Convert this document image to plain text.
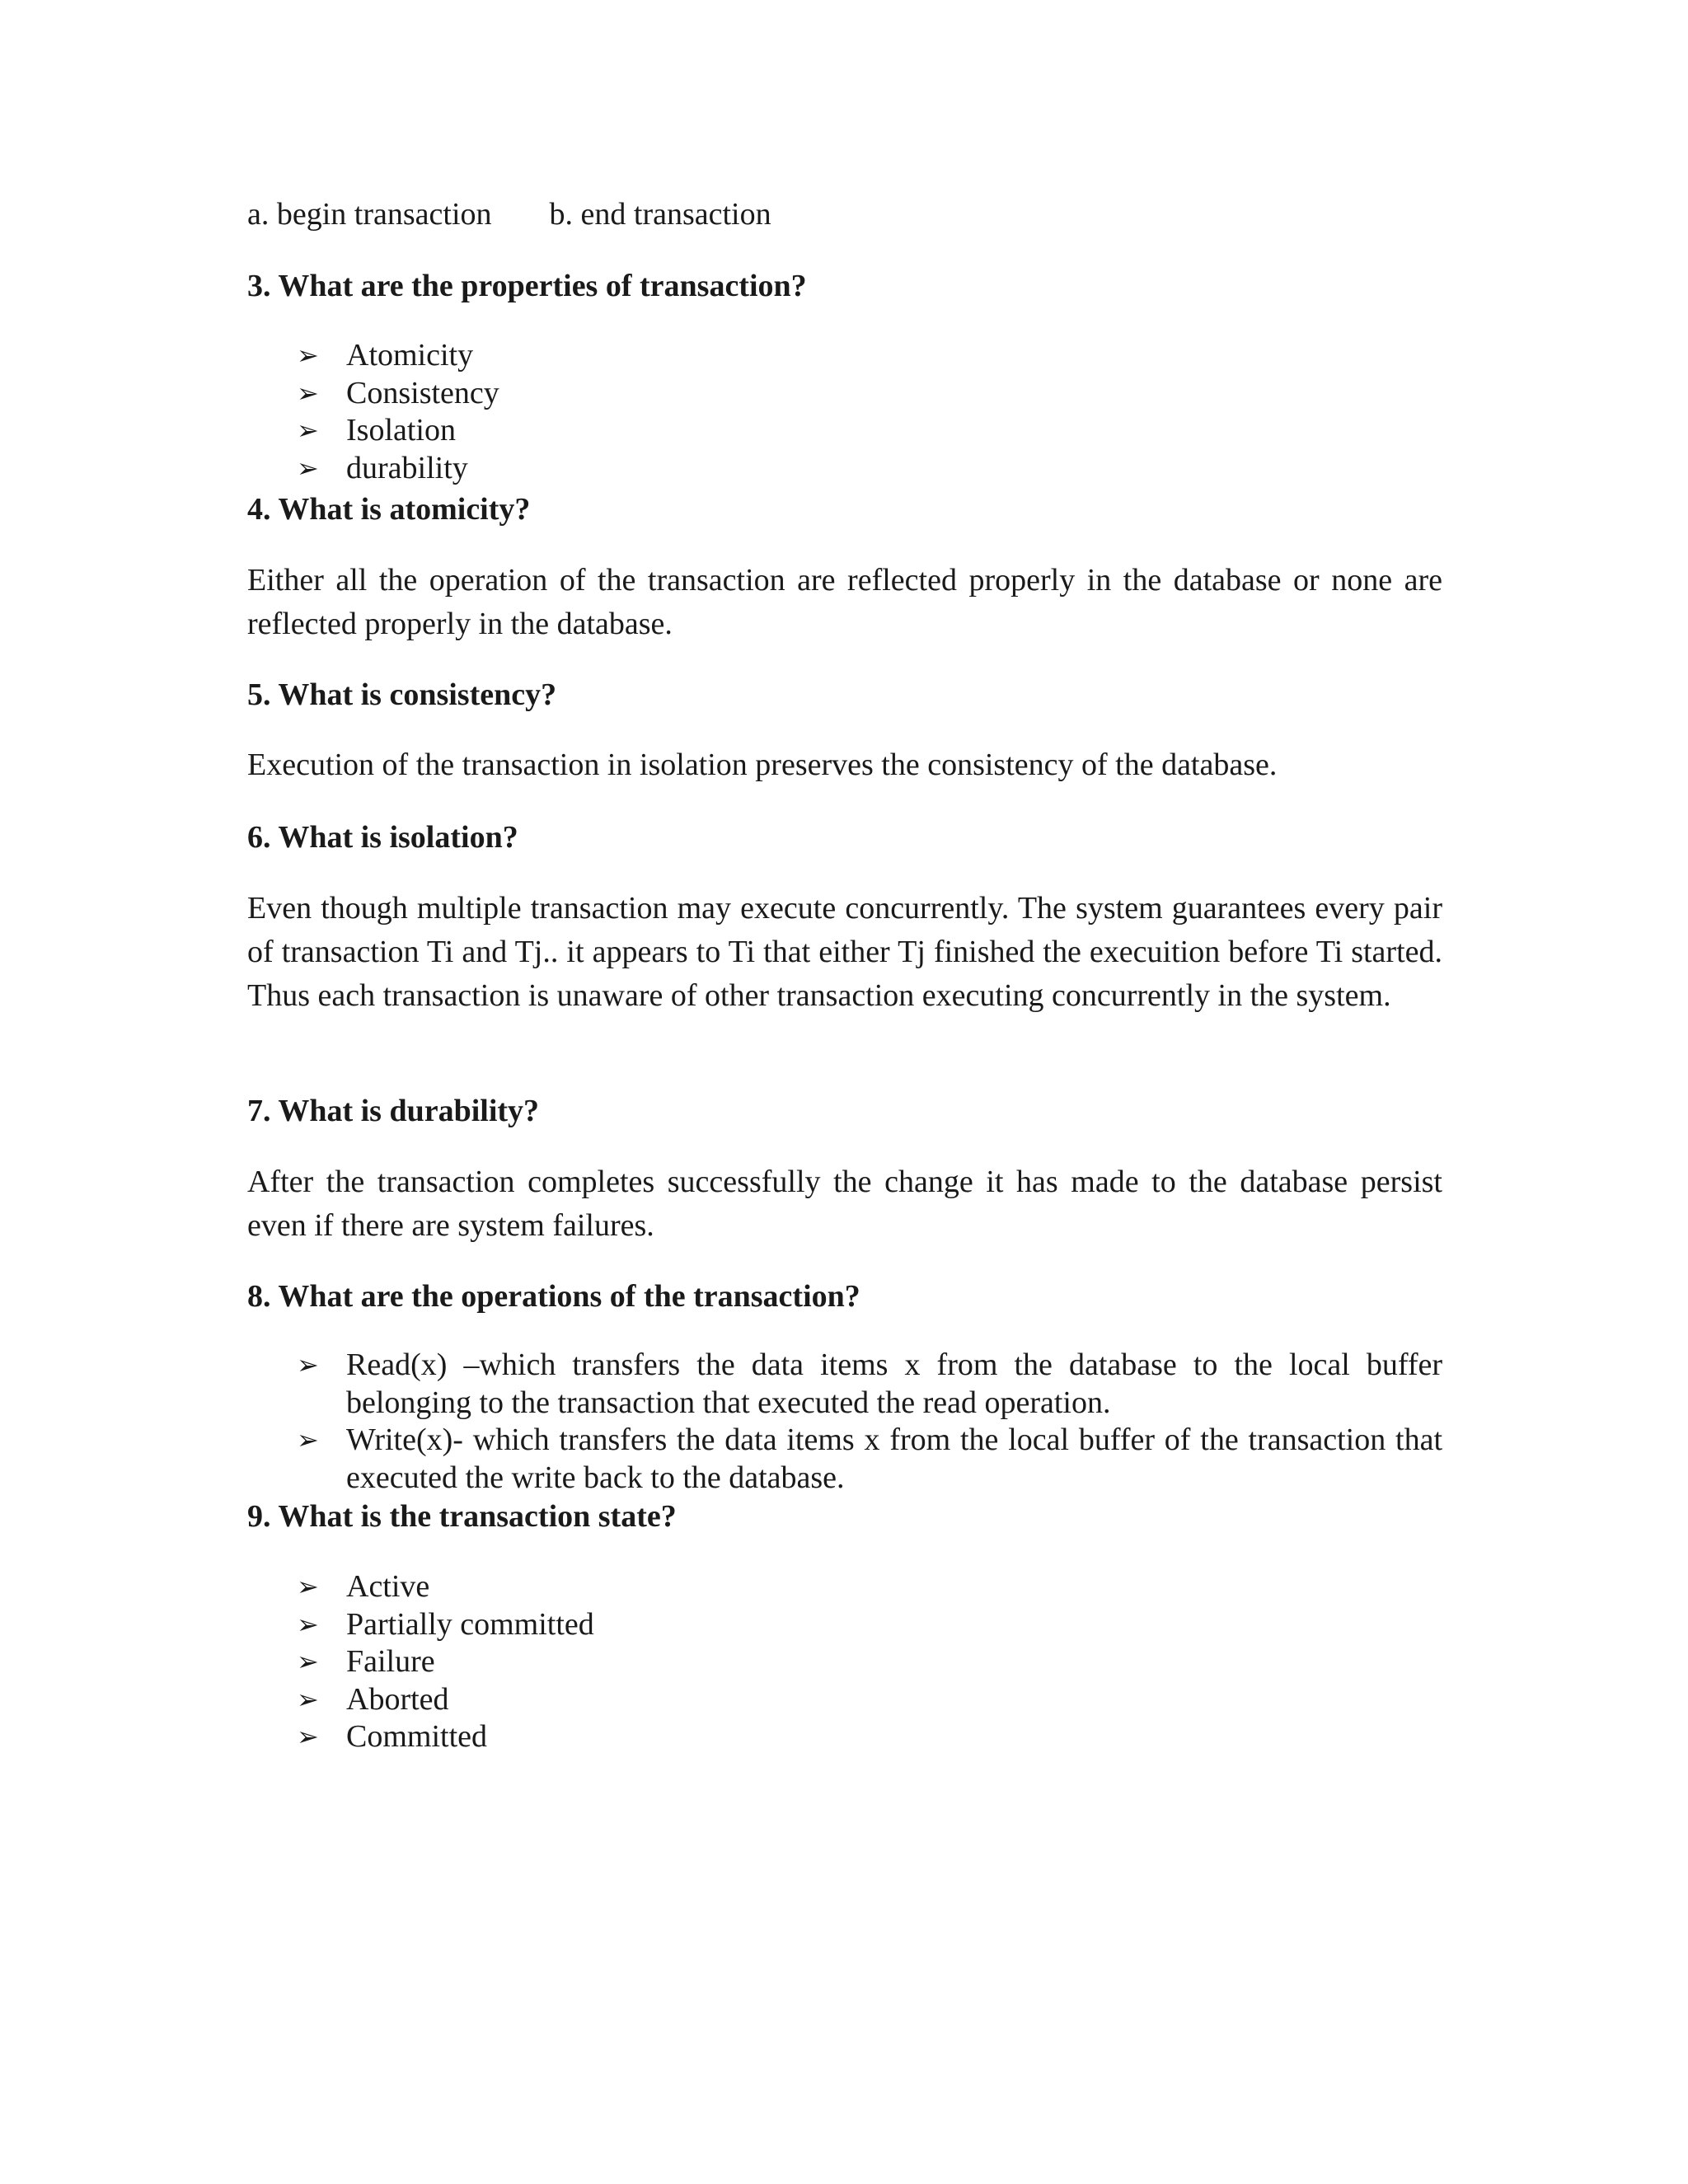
a. begin transaction b. end transaction

3. What are the properties of transaction?

➢ Atomicity
➢ Consistency
➢ Isolation
➢ durability

4. What is atomicity?

Either all the operation of the transaction are reflected properly in the database or none are reflected properly in the database.

5. What is consistency?

Execution of the transaction in isolation preserves the consistency of the database.

6. What is isolation?

Even though multiple transaction may execute concurrently. The system guarantees every pair of transaction Ti and Tj.. it appears to Ti that either Tj finished the execuition before Ti started. Thus each transaction is unaware of other transaction executing concurrently in the system.

7. What is durability?

After the transaction completes successfully the change it has made to the database persist even if there are system failures.

8. What are the operations of the transaction?

➢ Read(x) –which transfers the data items x from the database to the local buffer belonging to the transaction that executed the read operation.
➢ Write(x)- which transfers the data items x from the local buffer of the transaction that executed the write back to the database.

9. What is the transaction state?

➢ Active
➢ Partially committed
➢ Failure
➢ Aborted
➢ Committed
